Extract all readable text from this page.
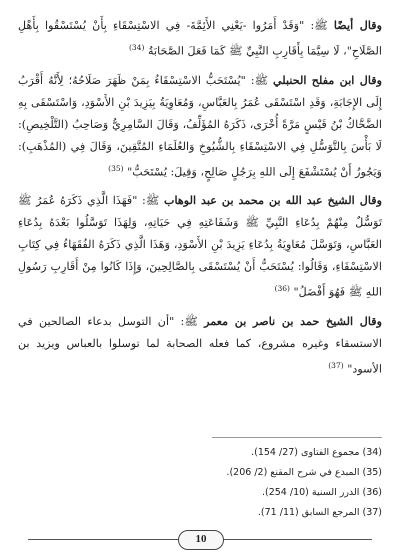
وقال أيضًا ﷺ: "وَقَدْ أَمَرُوا -يَعْنِي الأَئِمَّةَ- فِي الاسْتِسْقَاءِ بِأَنْ يُسْتَسْقُوا بِأَهْلِ الصَّلَاحِ"، لَا سِيَّمَا بِأَقَارِبِ النَّبِيِّ ﷺ كَمَا فَعَلَ الصَّحَابَةُ $^{(34)}$

وقال ابن مفلح الحنبلي ﷺ: "يُسْتَحَبُّ الاسْتِسْقَاءُ بِمَنْ ظَهَرَ صَلَاحُهُ؛ لِأَنَّهُ أَقْرَبُ إِلَى الإِجَابَةِ، وَقَدِ اسْتَسْقَى عُمَرُ بِالعَبَّاسِ، وَمُعَاوِيَةُ بِيَزِيدَ بْنِ الأَسْوَدِ، وَاسْتَسْقَى بِهِ الضَّحَّاكُ بْنُ قَيْسٍ مَرَّةً أُخْرَى، ذَكَرَهُ المُؤَلِّفُ، وَقَالَ السَّامِرِيُّ وَصَاحِبُ (التَّلْخِيصِ): لَا بَأْسَ بِالتَّوَسُّلِ فِي الاسْتِسْقَاءِ بِالشُّيُوخِ وَالعُلَمَاءِ المُتَّقِينَ، وَقَالَ فِي (المُذْهَبِ): وَيَجُوزُ أَنْ يُسْتَشْفَعَ إِلَى اللهِ بِرَجُلٍ صَالِحٍ، وَقِيلَ: يُسْتَحَبُّ" $^{(35)}$

وقال الشيخ عبد الله بن محمد بن عبد الوهاب ﷺ: "فَهَذَا الَّذِي ذَكَرَهُ عُمَرُ ﷺ تَوَسُّلٌ مِنْهُمْ بِدُعَاءِ النَّبِيِّ ﷺ وَشَفَاعَتِهِ فِي حَيَاتِهِ، وَلِهَذَا تَوَسَّلُوا بَعْدَهُ بِدُعَاءِ العَبَّاسِ، وَتَوَسَّلَ مُعَاوِيَةُ بِدُعَاءِ يَزِيدَ بْنِ الأَسْوَدِ، وَهَذَا الَّذِي ذَكَرَهُ الفُقَهَاءُ فِي كِتَابِ الاسْتِسْقَاءِ، وَقَالُوا: يُسْتَحَبُّ أَنْ يُسْتَسْقَى بِالصَّالِحِينَ، وَإِذَا كَانُوا مِنْ أَقَارِبِ رَسُولِ اللهِ ﷺ فَهُوَ أَفْضَلُ" $^{(36)}$

وقال الشيخ حمد بن ناصر بن معمر ﷺ: "أن التوسل بدعاء الصالحين في الاستسقاء وغيره مشروع، كما فعله الصحابة لما توسلوا بالعباس ويزيد بن الأسود" $^{(37)}$

(34) مجموع الفتاوى (27/ 154).
(35) المبدع في شرح المقنع (2/ 206).
(36) الدرر السنية (10/ 254).
(37) المرجع السابق (11/ 71).
10
